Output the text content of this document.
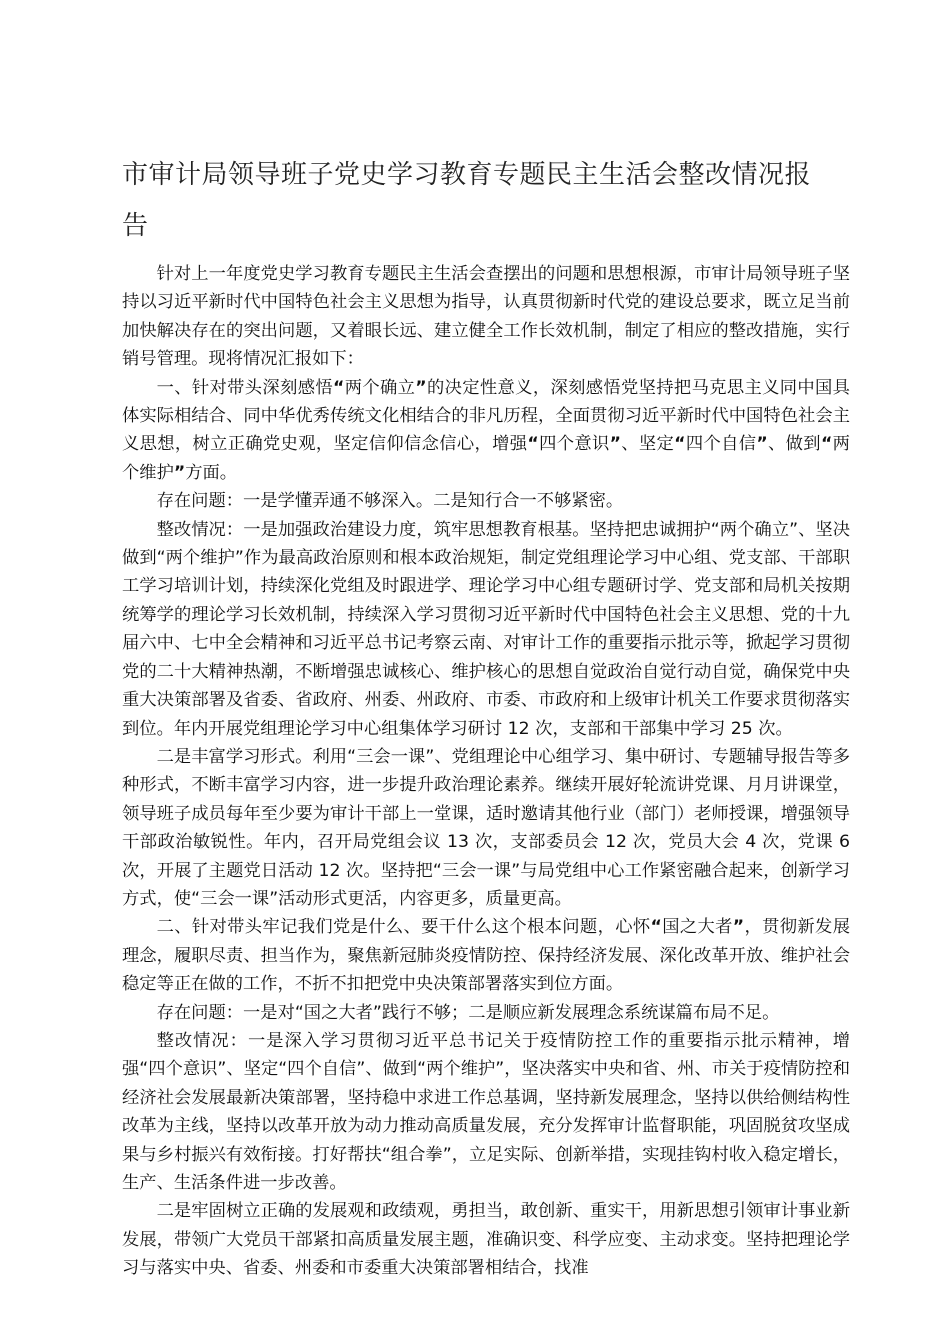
市审计局领导班子党史学习教育专题民主生活会整改情况报告

针对上一年度党史学习教育专题民主生活会查摆出的问题和思想根源，市审计局领导班子坚持以习近平新时代中国特色社会主义思想为指导，认真贯彻新时代党的建设总要求，既立足当前加快解决存在的突出问题，又着眼长远、建立健全工作长效机制，制定了相应的整改措施，实行销号管理。现将情况汇报如下：

一、针对带头深刻感悟“两个确立”的决定性意义，深刻感悟党坚持把马克思主义同中国具体实际相结合、同中华优秀传统文化相结合的非凡历程，全面贯彻习近平新时代中国特色社会主义思想，树立正确党史观，坚定信仰信念信心，增强“四个意识”、坚定“四个自信”、做到“两个维护”方面。

存在问题：一是学懂弄通不够深入。二是知行合一不够紧密。

整改情况：一是加强政治建设力度，筑牢思想教育根基。坚持把忠诚拥护“两个确立”、坚决做到“两个维护”作为最高政治原则和根本政治规矩，制定党组理论学习中心组、党支部、干部职工学习培训计划，持续深化党组及时跟进学、理论学习中心组专题研讨学、党支部和局机关按期统筹学的理论学习长效机制，持续深入学习贯彻习近平新时代中国特色社会主义思想、党的十九届六中、七中全会精神和习近平总书记考察云南、对审计工作的重要指示批示等，掀起学习贯彻党的二十大精神热潮，不断增强忠诚核心、维护核心的思想自觉政治自觉行动自觉，确保党中央重大决策部署及省委、省政府、州委、州政府、市委、市政府和上级审计机关工作要求贯彻落实到位。年内开展党组理论学习中心组集体学习研讨 12 次，支部和干部集中学习 25 次。

二是丰富学习形式。利用“三会一课”、党组理论中心组学习、集中研讨、专题辅导报告等多种形式，不断丰富学习内容，进一步提升政治理论素养。继续开展好轮流讲党课、月月讲课堂，领导班子成员每年至少要为审计干部上一堂课，适时邀请其他行业（部门）老师授课，增强领导干部政治敏锐性。年内，召开局党组会议 13 次，支部委员会 12 次，党员大会 4 次，党课 6 次，开展了主题党日活动 12 次。坚持把“三会一课”与局党组中心工作紧密融合起来，创新学习方式，使“三会一课”活动形式更活，内容更多，质量更高。

二、针对带头牢记我们党是什么、要干什么这个根本问题，心怀“国之大者”，贯彻新发展理念，履职尽责、担当作为，聚焦新冠肺炎疫情防控、保持经济发展、深化改革开放、维护社会稳定等正在做的工作，不折不扣把党中央决策部署落实到位方面。

存在问题：一是对“国之大者”践行不够；二是顺应新发展理念系统谋篇布局不足。

整改情况：一是深入学习贯彻习近平总书记关于疫情防控工作的重要指示批示精神，增强“四个意识”、坚定“四个自信”、做到“两个维护”，坚决落实中央和省、州、市关于疫情防控和经济社会发展最新决策部署，坚持稳中求进工作总基调，坚持新发展理念，坚持以供给侧结构性改革为主线，坚持以改革开放为动力推动高质量发展，充分发挥审计监督职能，巩固脱贫攻坚成果与乡村振兴有效衔接。打好帮扶“组合拳”，立足实际、创新举措，实现挂钩村收入稳定增长，生产、生活条件进一步改善。

二是牢固树立正确的发展观和政绩观，勇担当，敢创新、重实干，用新思想引领审计事业新发展，带领广大党员干部紧扣高质量发展主题，准确识变、科学应变、主动求变。坚持把理论学习与落实中央、省委、州委和市委重大决策部署相结合，找准
